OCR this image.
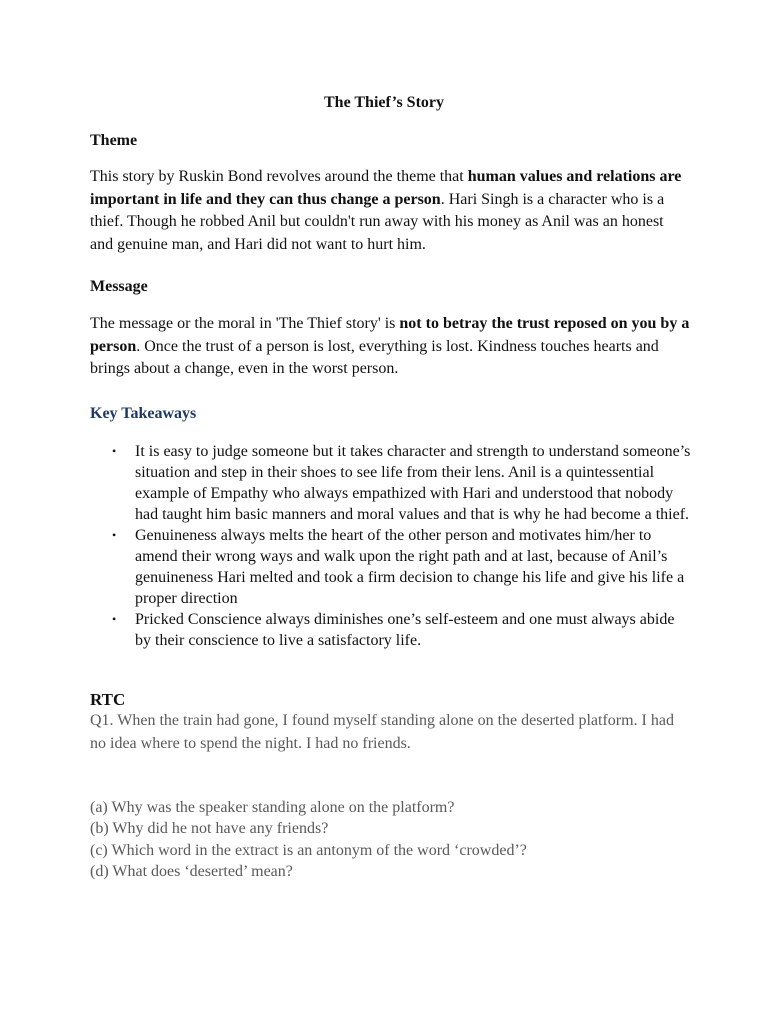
The Thief’s Story
Theme
This story by Ruskin Bond revolves around the theme that human values and relations are important in life and they can thus change a person. Hari Singh is a character who is a thief. Though he robbed Anil but couldn't run away with his money as Anil was an honest and genuine man, and Hari did not want to hurt him.
Message
The message or the moral in 'The Thief story' is not to betray the trust reposed on you by a person. Once the trust of a person is lost, everything is lost. Kindness touches hearts and brings about a change, even in the worst person.
Key Takeaways
•	It is easy to judge someone but it takes character and strength to understand someone’s situation and step in their shoes to see life from their lens. Anil is a quintessential example of Empathy who always empathized with Hari and understood that nobody had taught him basic manners and moral values and that is why he had become a thief.
•	Genuineness always melts the heart of the other person and motivates him/her to amend their wrong ways and walk upon the right path and at last, because of Anil’s genuineness Hari melted and took a firm decision to change his life and give his life a proper direction
•	Pricked Conscience always diminishes one’s self-esteem and one must always abide by their conscience to live a satisfactory life.
RTC
Q1. When the train had gone, I found myself standing alone on the deserted platform. I had no idea where to spend the night. I had no friends.
(a) Why was the speaker standing alone on the platform?
(b) Why did he not have any friends?
(c) Which word in the extract is an antonym of the word ‘crowded’?
(d) What does ‘deserted’ mean?
